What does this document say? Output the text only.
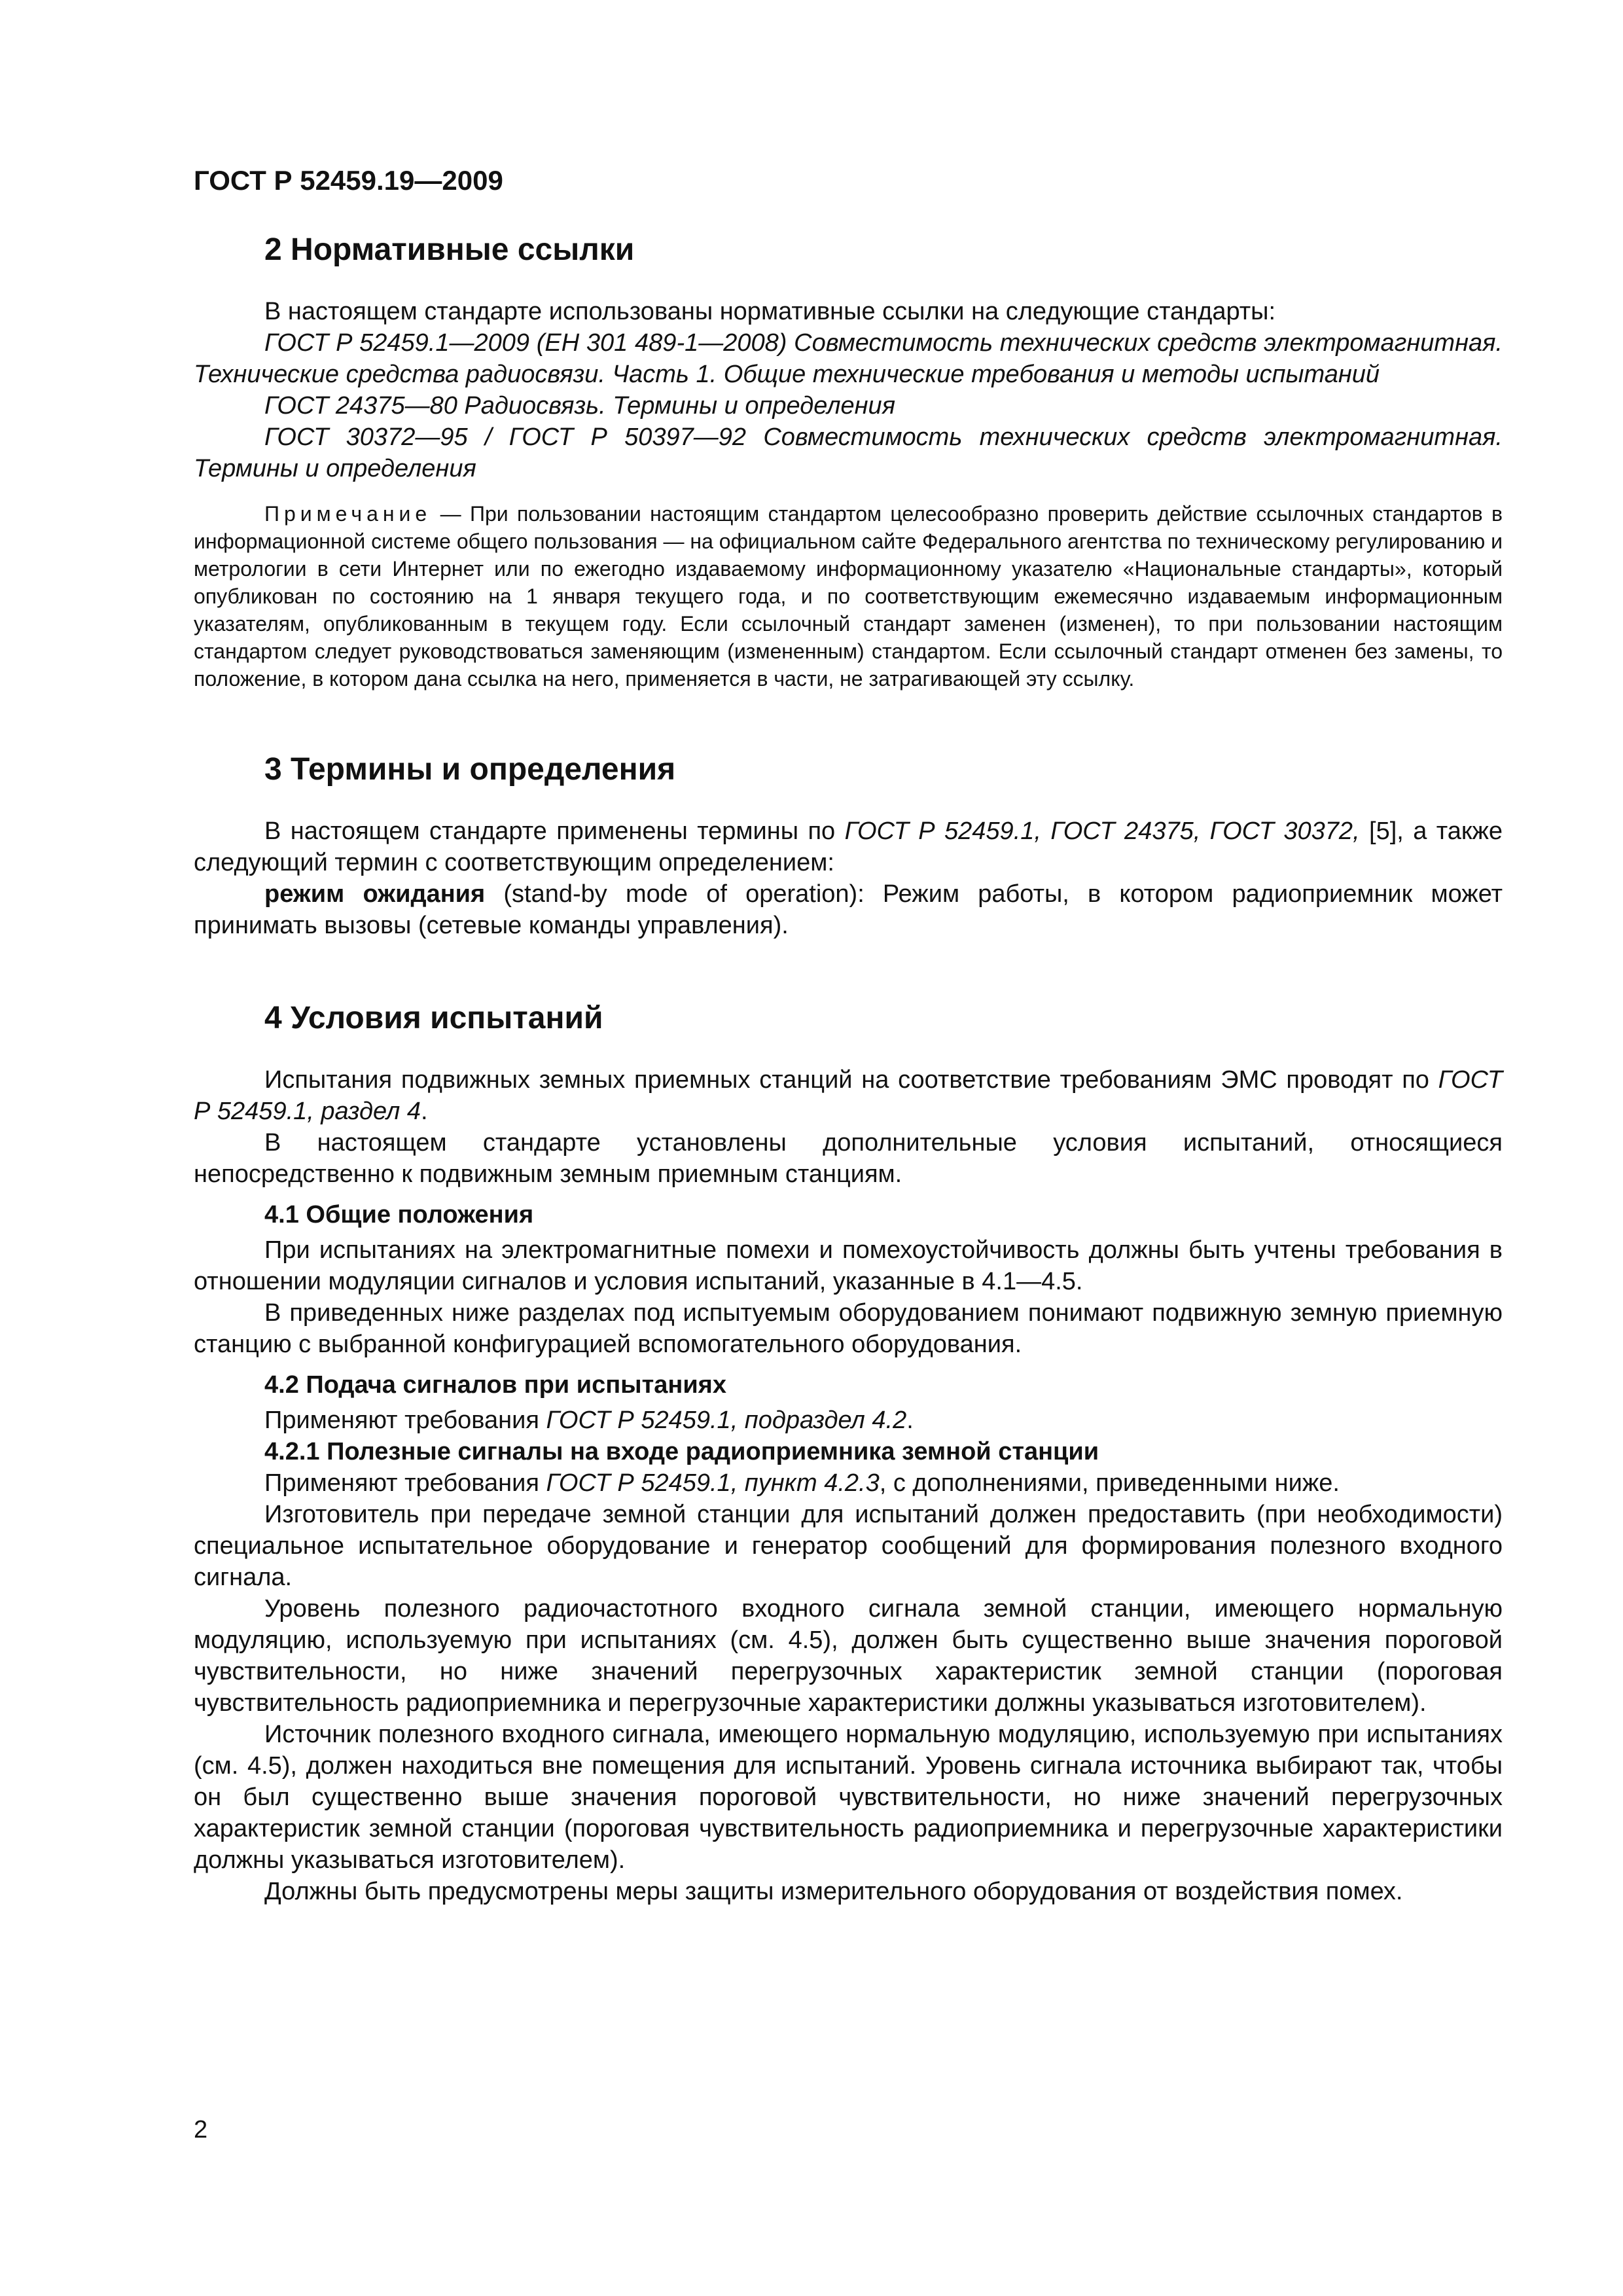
ГОСТ Р 52459.19—2009

2 Нормативные ссылки

В настоящем стандарте использованы нормативные ссылки на следующие стандарты:

ГОСТ Р 52459.1—2009 (ЕН 301 489-1—2008) Совместимость технических средств электромагнитная. Технические средства радиосвязи. Часть 1. Общие технические требования и методы испытаний

ГОСТ 24375—80 Радиосвязь. Термины и определения

ГОСТ 30372—95 / ГОСТ Р 50397—92 Совместимость технических средств электромагнитная. Термины и определения

Примечание — При пользовании настоящим стандартом целесообразно проверить действие ссылочных стандартов в информационной системе общего пользования — на официальном сайте Федерального агентства по техническому регулированию и метрологии в сети Интернет или по ежегодно издаваемому информационному указателю «Национальные стандарты», который опубликован по состоянию на 1 января текущего года, и по соответствующим ежемесячно издаваемым информационным указателям, опубликованным в текущем году. Если ссылочный стандарт заменен (изменен), то при пользовании настоящим стандартом следует руководствоваться заменяющим (измененным) стандартом. Если ссылочный стандарт отменен без замены, то положение, в котором дана ссылка на него, применяется в части, не затрагивающей эту ссылку.

3 Термины и определения

В настоящем стандарте применены термины по ГОСТ Р 52459.1, ГОСТ 24375, ГОСТ 30372, [5], а также следующий термин с соответствующим определением:

режим ожидания (stand-by mode of operation): Режим работы, в котором радиоприемник может принимать вызовы (сетевые команды управления).

4 Условия испытаний

Испытания подвижных земных приемных станций на соответствие требованиям ЭМС проводят по ГОСТ Р 52459.1, раздел 4.

В настоящем стандарте установлены дополнительные условия испытаний, относящиеся непосредственно к подвижным земным приемным станциям.

4.1 Общие положения

При испытаниях на электромагнитные помехи и помехоустойчивость должны быть учтены требования в отношении модуляции сигналов и условия испытаний, указанные в 4.1—4.5.

В приведенных ниже разделах под испытуемым оборудованием понимают подвижную земную приемную станцию с выбранной конфигурацией вспомогательного оборудования.

4.2 Подача сигналов при испытаниях

Применяют требования ГОСТ Р 52459.1, подраздел 4.2.

4.2.1 Полезные сигналы на входе радиоприемника земной станции

Применяют требования ГОСТ Р 52459.1, пункт 4.2.3, с дополнениями, приведенными ниже.

Изготовитель при передаче земной станции для испытаний должен предоставить (при необходимости) специальное испытательное оборудование и генератор сообщений для формирования полезного входного сигнала.

Уровень полезного радиочастотного входного сигнала земной станции, имеющего нормальную модуляцию, используемую при испытаниях (см. 4.5), должен быть существенно выше значения пороговой чувствительности, но ниже значений перегрузочных характеристик земной станции (пороговая чувствительность радиоприемника и перегрузочные характеристики должны указываться изготовителем).

Источник полезного входного сигнала, имеющего нормальную модуляцию, используемую при испытаниях (см. 4.5), должен находиться вне помещения для испытаний. Уровень сигнала источника выбирают так, чтобы он был существенно выше значения пороговой чувствительности, но ниже значений перегрузочных характеристик земной станции (пороговая чувствительность радиоприемника и перегрузочные характеристики должны указываться изготовителем).

Должны быть предусмотрены меры защиты измерительного оборудования от воздействия помех.

2
